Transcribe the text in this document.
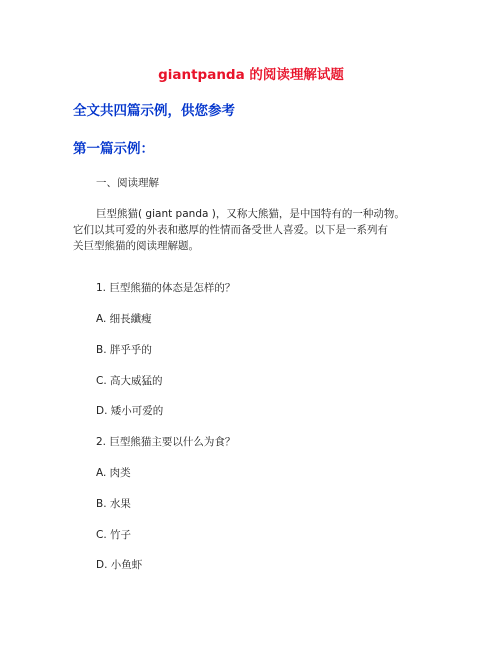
giantpanda 的阅读理解试题
全文共四篇示例，供您参考
第一篇示例：
一、阅读理解
巨型熊猫( giant panda )，又称大熊猫，是中国特有的一种动物。
它们以其可爱的外表和憨厚的性情而备受世人喜爱。以下是一系列有
关巨型熊猫的阅读理解题。
1. 巨型熊猫的体态是怎样的？
A. 细長纖瘦
B. 胖乎乎的
C. 高大威猛的
D. 矮小可爱的
2. 巨型熊猫主要以什么为食？
A. 肉类
B. 水果
C. 竹子
D. 小鱼虾
